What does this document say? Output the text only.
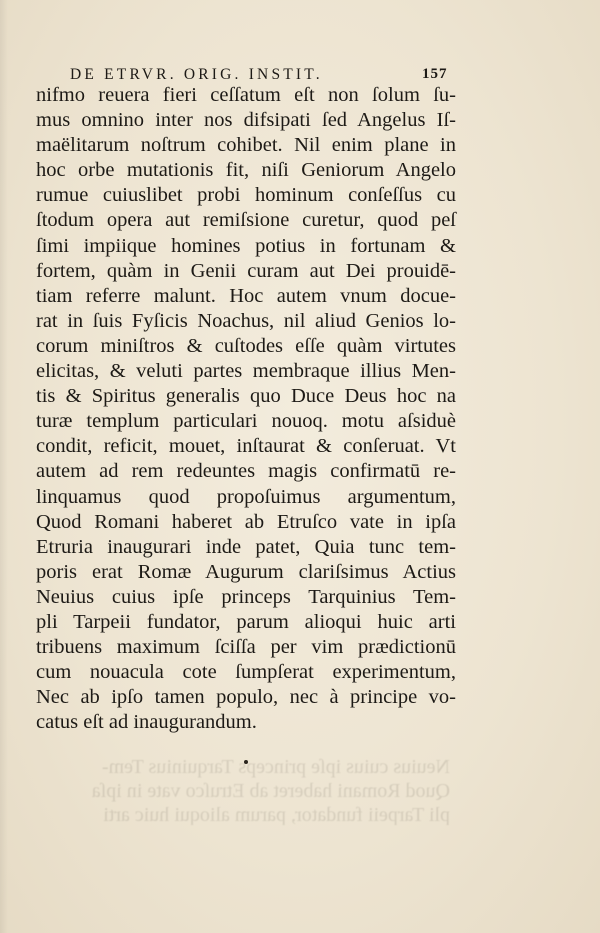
DE ETRVR. ORIG. INSTIT.	157
nifmo reuera fieri ceſſatum eſt non ſolum ſu-
mus omnino inter nos difsipati ſed Angelus Iſ-
maëlitarum noſtrum cohibet. Nil enim plane in
hoc orbe mutationis fit, niſi Geniorum Angelo
rumue cuiuslibet probi hominum conſeſſus cu
ſtodum opera aut remiſsione curetur, quod peſ
ſimi impiique homines potius in fortunam &
fortem, quàm in Genii curam aut Dei prouidē-
tiam referre malunt. Hoc autem vnum docue-
rat in ſuis Fyſicis Noachus, nil aliud Genios lo-
corum miniſtros & cuſtodes eſſe quàm virtutes
elicitas, & veluti partes membraque illius Men-
tis & Spiritus generalis quo Duce Deus hoc na
turæ templum particulari nouoq. motu aſsiduè
condit, reficit, mouet, inſtaurat & conſeruat. Vt
autem ad rem redeuntes magis confirmatū re-
linquamus quod propoſuimus argumentum,
Quod Romani haberet ab Etruſco vate in ipſa
Etruria inaugurari inde patet, Quia tunc tem-
poris erat Romæ Augurum clariſsimus Actius
Neuius cuius ipſe princeps Tarquinius Tem-
pli Tarpeii fundator, parum alioqui huic arti
tribuens maximum ſciſſa per vim prædictionū
cum nouacula cote ſumpſerat experimentum,
Nec ab ipſo tamen populo, nec à principe vo-
catus eſt ad inaugurandum.
Neuius cuius ipſe princeps Tarquinius Tem-
Quod Romani haberet ab Etruſco vate in ipſa
pli Tarpeii fundator, parum alioqui huic arti
